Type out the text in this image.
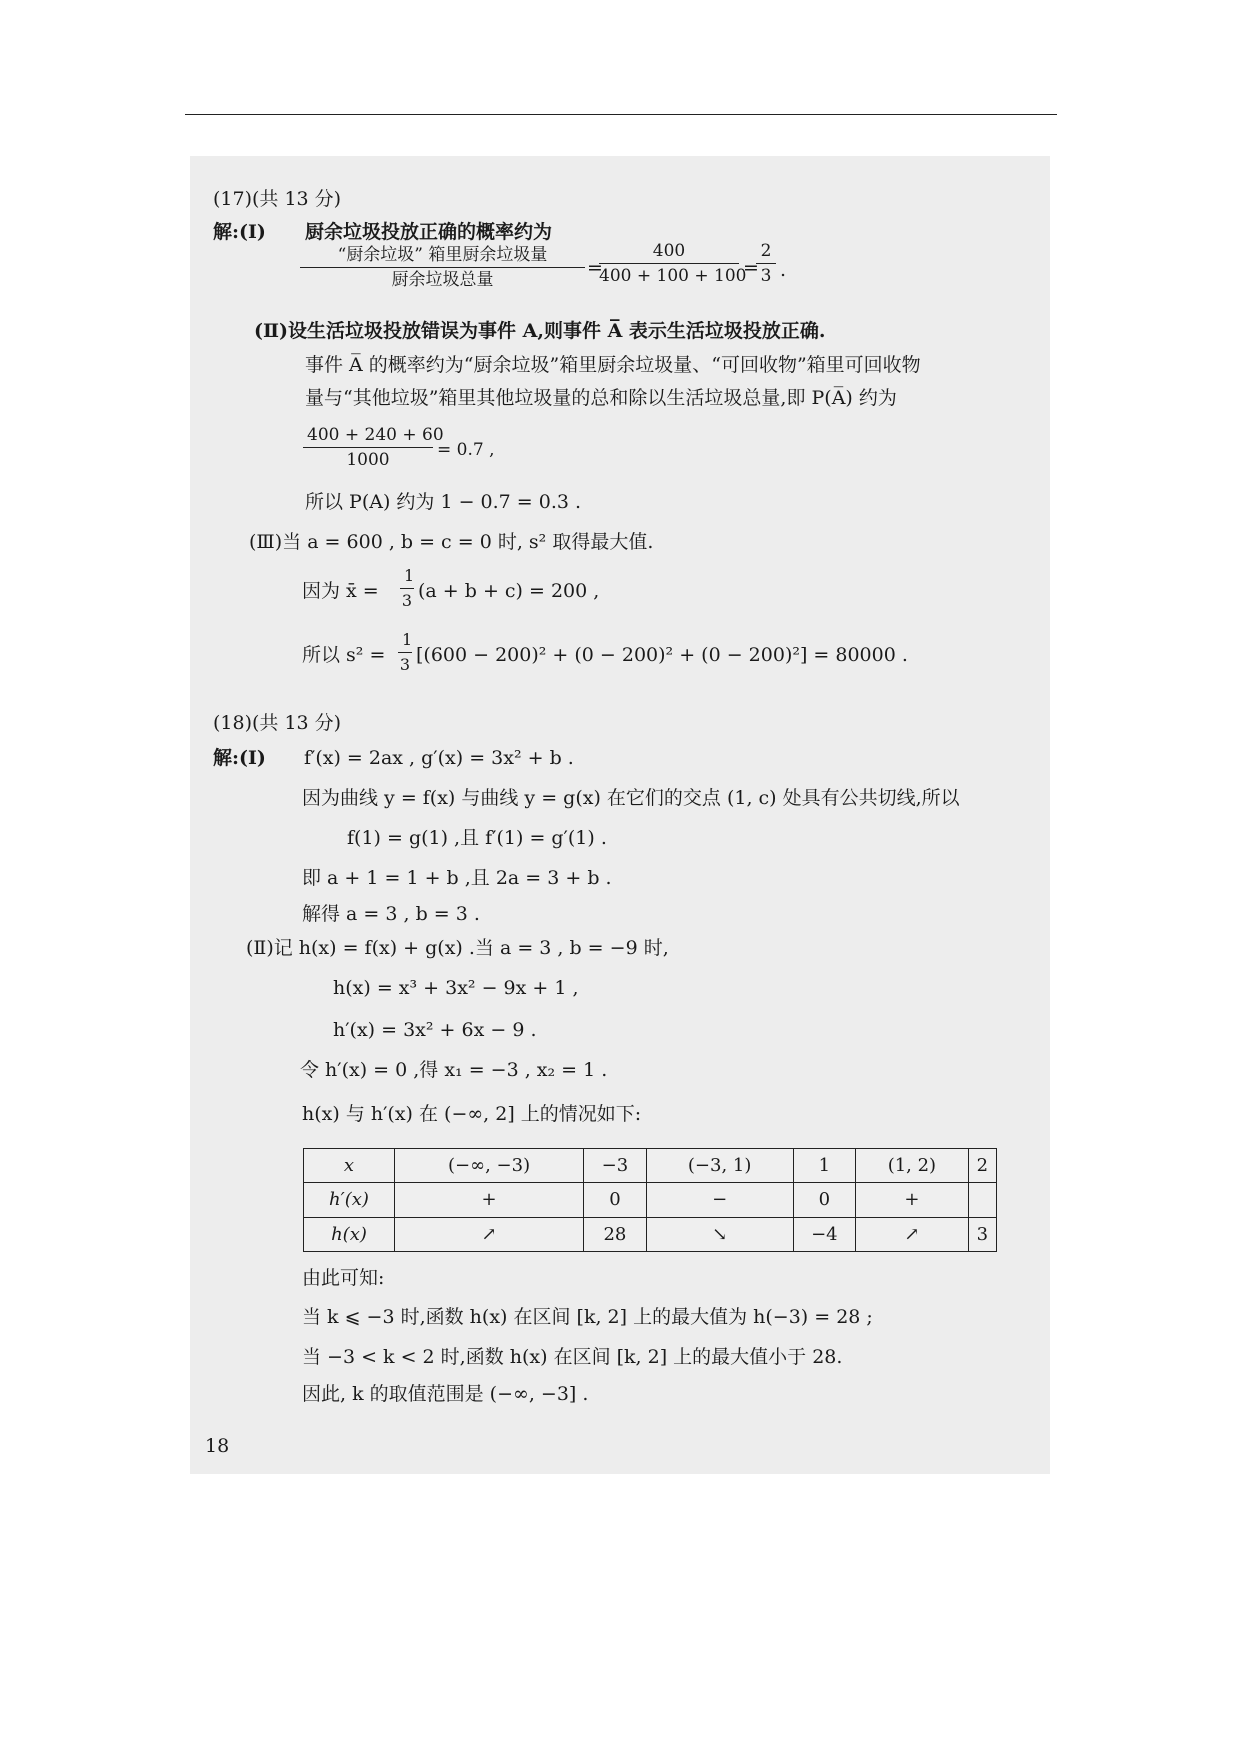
(17)(共 13 分)
解:(Ⅰ) 厨余垃圾投放正确的概率约为
“厨余垃圾” 箱里厨余垃圾量
厨余垃圾总量
=
$\frac{400}{400 + 100 + 100}$ =
$\frac{2}{3}$ .
(Ⅱ)设生活垃圾投放错误为事件 A,则事件 A̅ 表示生活垃圾投放正确.
事件 A̅ 的概率约为“厨余垃圾”箱里厨余垃圾量、“可回收物”箱里可回收物
量与“其他垃圾”箱里其他垃圾量的总和除以生活垃圾总量,即 P(A̅) 约为
$\frac{400 + 240 + 60}{1000} = 0.7$ ,
所以 P(A) 约为 1 − 0.7 = 0.3 .
(Ⅲ)当 a = 600 , b = c = 0 时, s² 取得最大值.
因为 x̄ = $\frac{1}{3} (a + b + c) = 200$ ,
所以 $s^2 = \frac{1}{3} [(600 - 200)^2 + (0 - 200)^2 + (0 - 200)^2] = 80000$ .
(18)(共 13 分)
解:(Ⅰ) f′(x) = 2ax , g′(x) = 3x² + b .
因为曲线 y = f(x) 与曲线 y = g(x) 在它们的交点 (1, c) 处具有公共切线,所以
f(1) = g(1) ,且 f′(1) = g′(1) .
即 a + 1 = 1 + b ,且 2a = 3 + b .
解得 a = 3 , b = 3 .
(Ⅱ)记 h(x) = f(x) + g(x) .当 a = 3 , b = −9 时,
h(x) = x³ + 3x² − 9x + 1 ,
h′(x) = 3x² + 6x − 9 .
令 h′(x) = 0 ,得 x₁ = −3 , x₂ = 1 .
h(x) 与 h′(x) 在 (−∞, 2] 上的情况如下:
x	(−∞, −3)	−3	(−3, 1)	1	(1, 2)	2
h′(x)	+	0	−	0	+	
h(x)	↗	28	↘	−4	↗	3
由此可知:
当 k ⩽ −3 时,函数 h(x) 在区间 [k, 2] 上的最大值为 h(−3) = 28 ;
当 −3 < k < 2 时,函数 h(x) 在区间 [k, 2] 上的最大值小于 28.
因此, k 的取值范围是 (−∞, −3] .
18
